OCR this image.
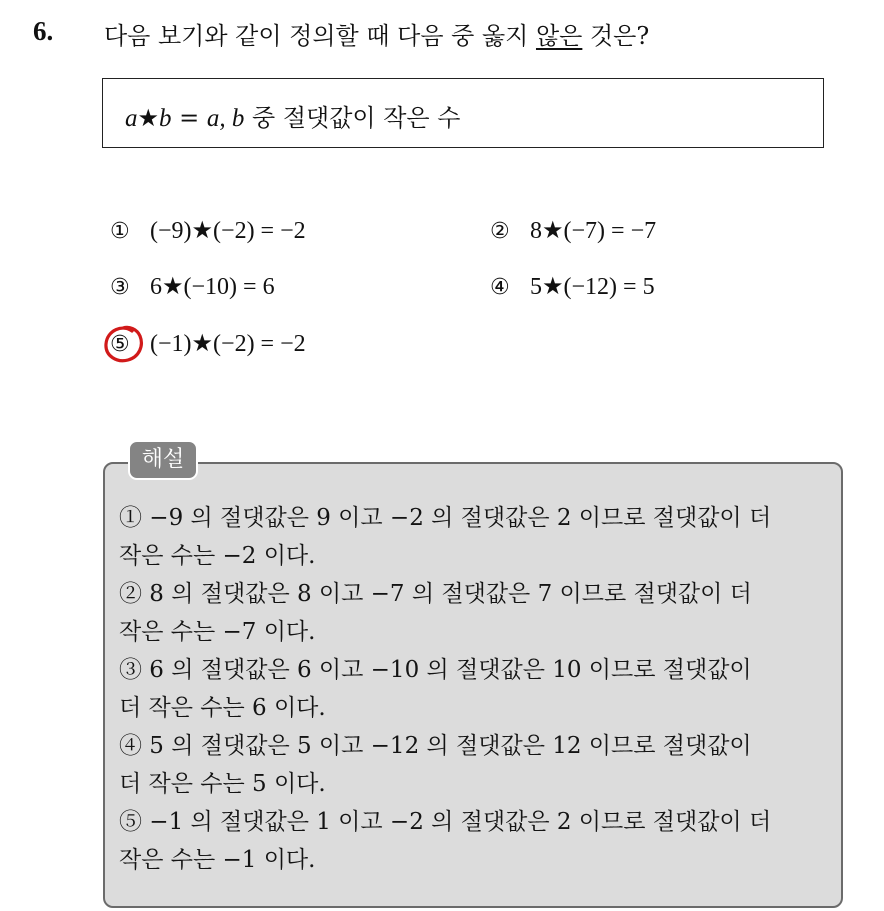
6. 다음 보기와 같이 정의할 때 다음 중 옳지 않은 것은?
a★b = a, b 중 절댓값이 작은 수
① (−9)★(−2) = −2	② 8★(−7) = −7
③ 6★(−10) = 6	④ 5★(−12) = 5
⑤ (−1)★(−2) = −2
해설
① −9 의 절댓값은 9 이고 −2 의 절댓값은 2 이므로 절댓값이 더
작은 수는 −2 이다.
② 8 의 절댓값은 8 이고 −7 의 절댓값은 7 이므로 절댓값이 더
작은 수는 −7 이다.
③ 6 의 절댓값은 6 이고 −10 의 절댓값은 10 이므로 절댓값이
더 작은 수는 6 이다.
④ 5 의 절댓값은 5 이고 −12 의 절댓값은 12 이므로 절댓값이
더 작은 수는 5 이다.
⑤ −1 의 절댓값은 1 이고 −2 의 절댓값은 2 이므로 절댓값이 더
작은 수는 −1 이다.
